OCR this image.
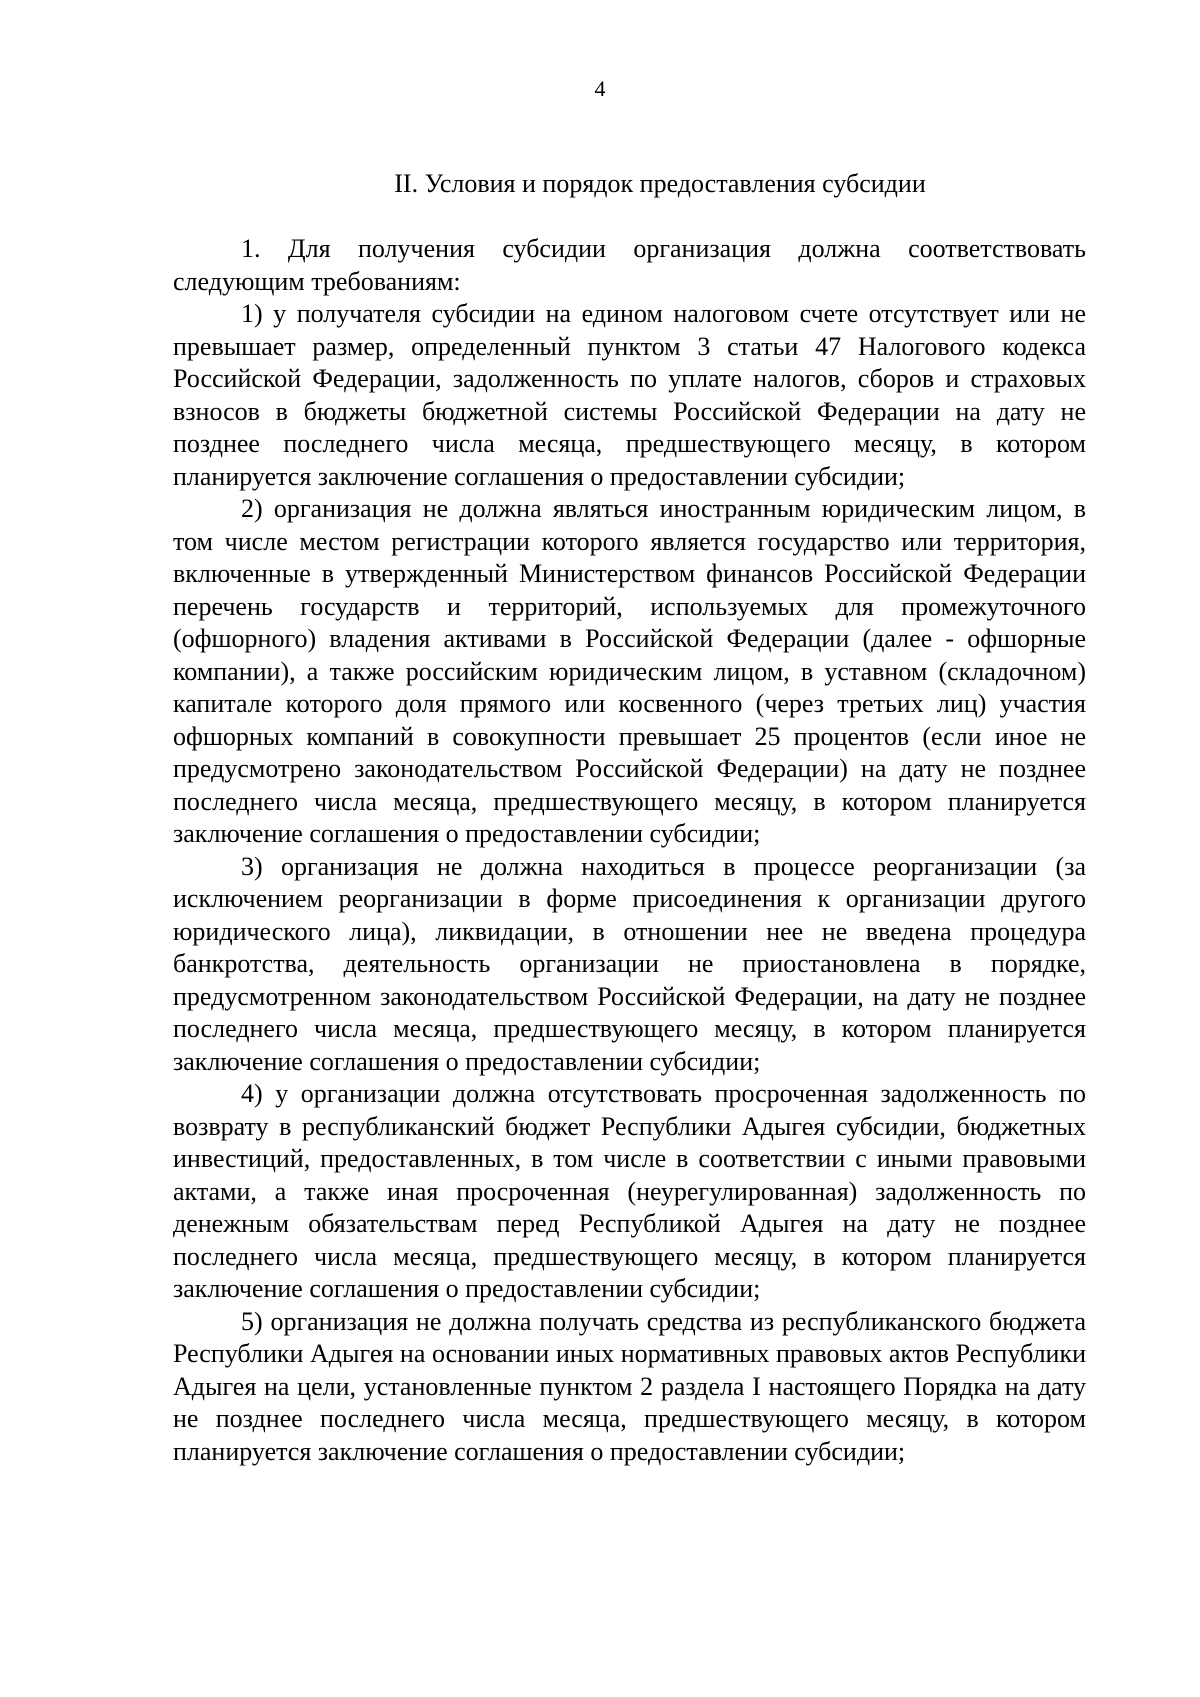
4
II. Условия и порядок предоставления субсидии

1. Для получения субсидии организация должна соответствовать следующим требованиям:

1) у получателя субсидии на едином налоговом счете отсутствует или не превышает размер, определенный пунктом 3 статьи 47 Налогового кодекса Российской Федерации, задолженность по уплате налогов, сборов и страховых взносов в бюджеты бюджетной системы Российской Федерации на дату не позднее последнего числа месяца, предшествующего месяцу, в котором планируется заключение соглашения о предоставлении субсидии;

2) организация не должна являться иностранным юридическим лицом, в том числе местом регистрации которого является государство или территория, включенные в утвержденный Министерством финансов Российской Федерации перечень государств и территорий, используемых для промежуточного (офшорного) владения активами в Российской Федерации (далее - офшорные компании), а также российским юридическим лицом, в уставном (складочном) капитале которого доля прямого или косвенного (через третьих лиц) участия офшорных компаний в совокупности превышает 25 процентов (если иное не предусмотрено законодательством Российской Федерации) на дату не позднее последнего числа месяца, предшествующего месяцу, в котором планируется заключение соглашения о предоставлении субсидии;

3) организация не должна находиться в процессе реорганизации (за исключением реорганизации в форме присоединения к организации другого юридического лица), ликвидации, в отношении нее не введена процедура банкротства, деятельность организации не приостановлена в порядке, предусмотренном законодательством Российской Федерации, на дату не позднее последнего числа месяца, предшествующего месяцу, в котором планируется заключение соглашения о предоставлении субсидии;

4) у организации должна отсутствовать просроченная задолженность по возврату в республиканский бюджет Республики Адыгея субсидии, бюджетных инвестиций, предоставленных, в том числе в соответствии с иными правовыми актами, а также иная просроченная (неурегулированная) задолженность по денежным обязательствам перед Республикой Адыгея на дату не позднее последнего числа месяца, предшествующего месяцу, в котором планируется заключение соглашения о предоставлении субсидии;

5) организация не должна получать средства из республиканского бюджета Республики Адыгея на основании иных нормативных правовых актов Республики Адыгея на цели, установленные пунктом 2 раздела I настоящего Порядка на дату не позднее последнего числа месяца, предшествующего месяцу, в котором планируется заключение соглашения о предоставлении субсидии;
